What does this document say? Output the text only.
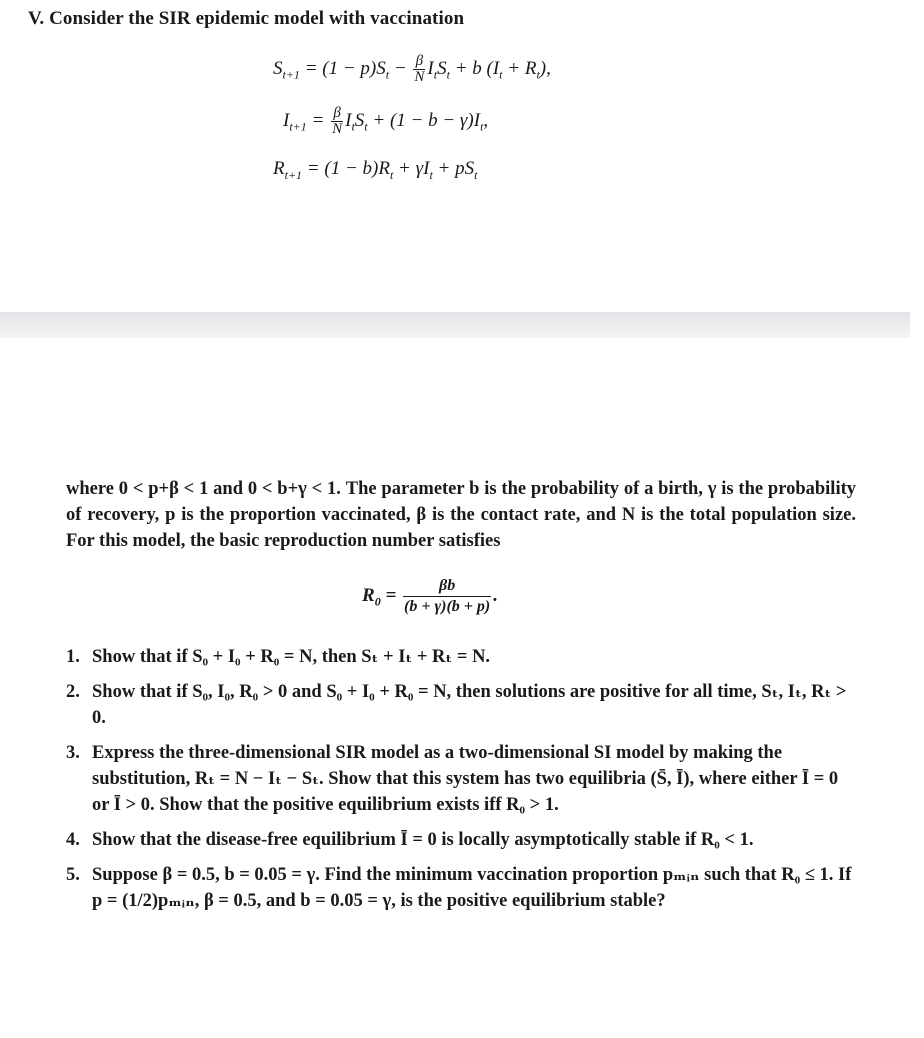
V. Consider the SIR epidemic model with vaccination
$S_{t+1} = (1 - p)S_t - \frac{\beta}{N} I_tS_t + b$ $(I_t + R_t)$,
$I_{t+1} = \frac{\beta}{N} I_tS_t + (1 - b - \gamma)I_t$,
$R_{t+1} = (1 - b)R_t + \gamma I_t + pS_t$
where 0 < p+β < 1 and 0 < b+γ < 1. The parameter b is the probability of a birth, γ is the probability of recovery, p is the proportion vaccinated, β is the contact rate, and N is the total population size. For this model, the basic reproduction number satisfies
$R_0 = \frac{\beta b}{(b + \gamma)(b + p)}$ .
1. Show that if S₀ + I₀ + R₀ = N, then Sₜ + Iₜ + Rₜ = N.
2. Show that if S₀, I₀, R₀ > 0 and S₀ + I₀ + R₀ = N, then solutions are positive for all time, Sₜ, Iₜ, Rₜ > 0.
3. Express the three-dimensional SIR model as a two-dimensional SI model by making the substitution, Rₜ = N − Iₜ − Sₜ. Show that this system has two equilibria (S̄, Ī), where either Ī = 0 or Ī > 0. Show that the positive equilibrium exists iff R₀ > 1.
4. Show that the disease-free equilibrium Ī = 0 is locally asymptotically stable if R₀ < 1.
5. Suppose β = 0.5, b = 0.05 = γ. Find the minimum vaccination proportion pₘᵢₙ such that R₀ ≤ 1. If p = (1/2)pₘᵢₙ, β = 0.5, and b = 0.05 = γ, is the positive equilibrium stable?
